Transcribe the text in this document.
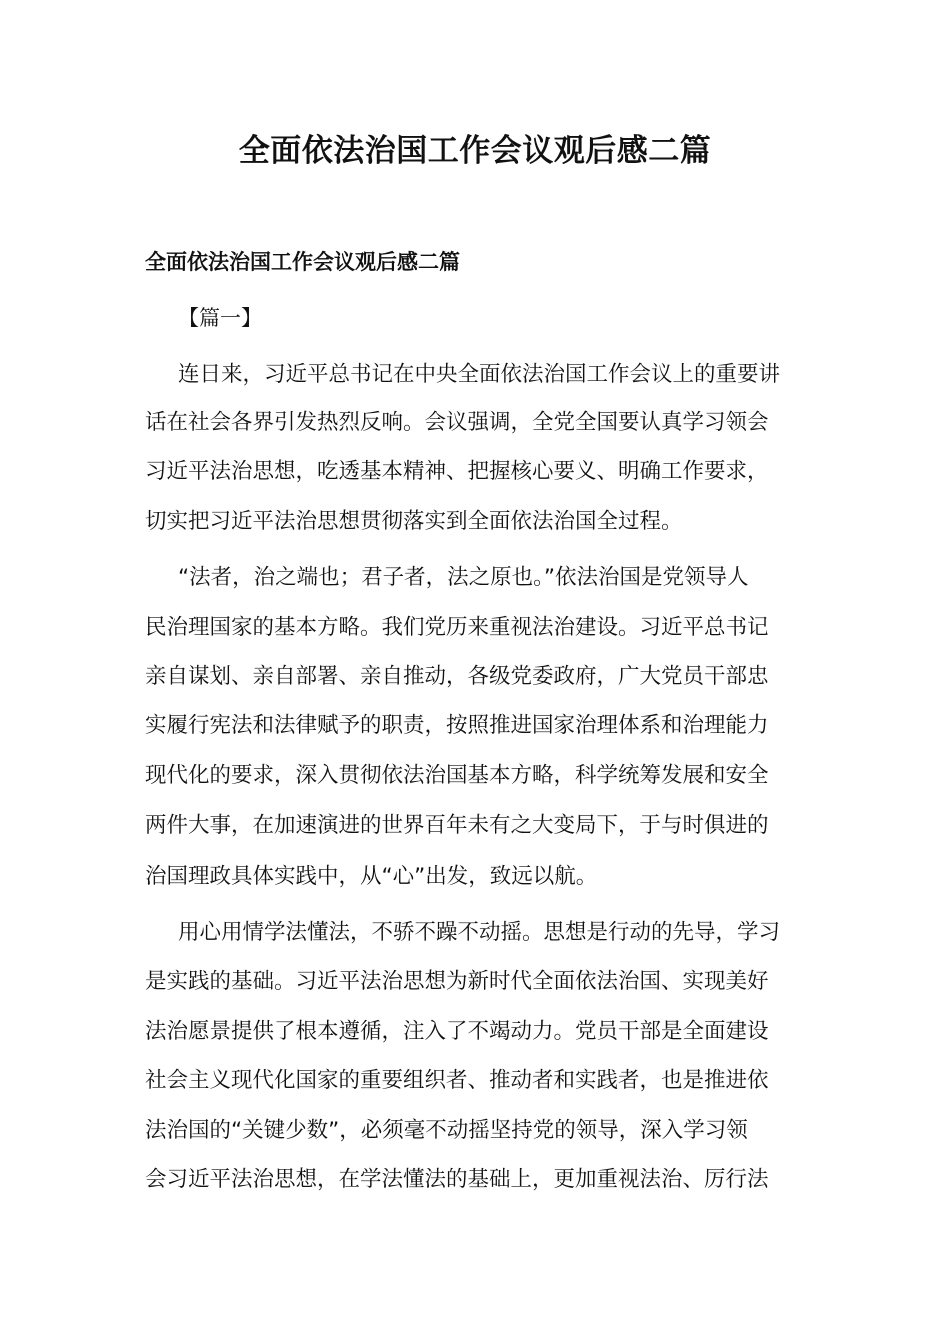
全面依法治国工作会议观后感二篇
全面依法治国工作会议观后感二篇

【篇一】

连日来，习近平总书记在中央全面依法治国工作会议上的重要讲

话在社会各界引发热烈反响。会议强调，全党全国要认真学习领会

习近平法治思想，吃透基本精神、把握核心要义、明确工作要求，

切实把习近平法治思想贯彻落实到全面依法治国全过程。

“法者，治之端也；君子者，法之原也。”依法治国是党领导人

民治理国家的基本方略。我们党历来重视法治建设。习近平总书记

亲自谋划、亲自部署、亲自推动，各级党委政府，广大党员干部忠

实履行宪法和法律赋予的职责，按照推进国家治理体系和治理能力

现代化的要求，深入贯彻依法治国基本方略，科学统筹发展和安全

两件大事，在加速演进的世界百年未有之大变局下，于与时俱进的

治国理政具体实践中，从“心”出发，致远以航。

用心用情学法懂法，不骄不躁不动摇。思想是行动的先导，学习

是实践的基础。习近平法治思想为新时代全面依法治国、实现美好

法治愿景提供了根本遵循，注入了不竭动力。党员干部是全面建设

社会主义现代化国家的重要组织者、推动者和实践者，也是推进依

法治国的“关键少数”，必须毫不动摇坚持党的领导，深入学习领

会习近平法治思想，在学法懂法的基础上，更加重视法治、厉行法
